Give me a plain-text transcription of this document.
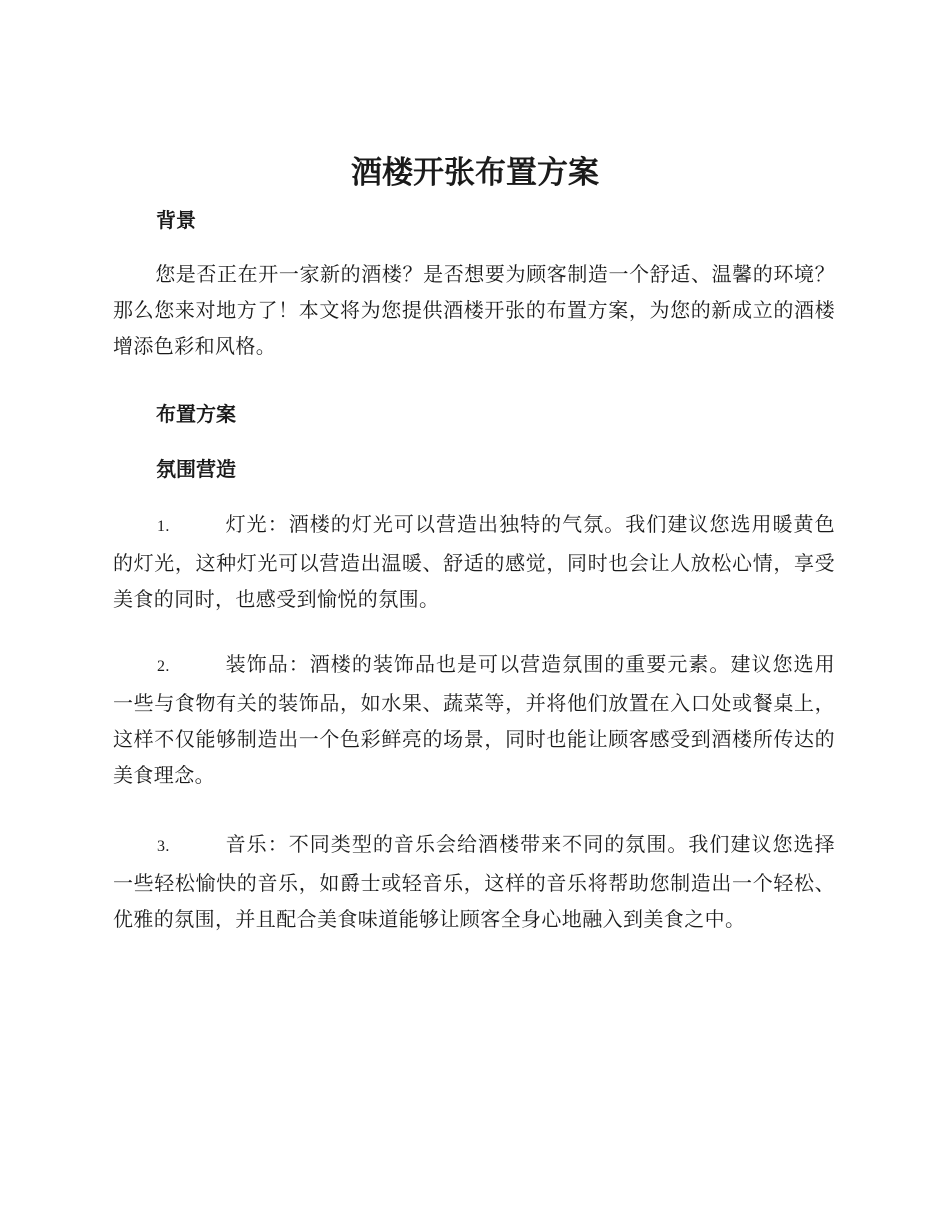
酒楼开张布置方案
背景

您是否正在开一家新的酒楼？是否想要为顾客制造一个舒适、温馨的环境？那么您来对地方了！本文将为您提供酒楼开张的布置方案，为您的新成立的酒楼增添色彩和风格。

布置方案
氛围营造

1.	灯光：酒楼的灯光可以营造出独特的气氛。我们建议您选用暖黄色的灯光，这种灯光可以营造出温暖、舒适的感觉，同时也会让人放松心情，享受美食的同时，也感受到愉悦的氛围。

2.	装饰品：酒楼的装饰品也是可以营造氛围的重要元素。建议您选用一些与食物有关的装饰品，如水果、蔬菜等，并将他们放置在入口处或餐桌上，这样不仅能够制造出一个色彩鲜亮的场景，同时也能让顾客感受到酒楼所传达的美食理念。

3.	音乐：不同类型的音乐会给酒楼带来不同的氛围。我们建议您选择一些轻松愉快的音乐，如爵士或轻音乐，这样的音乐将帮助您制造出一个轻松、优雅的氛围，并且配合美食味道能够让顾客全身心地融入到美食之中。
